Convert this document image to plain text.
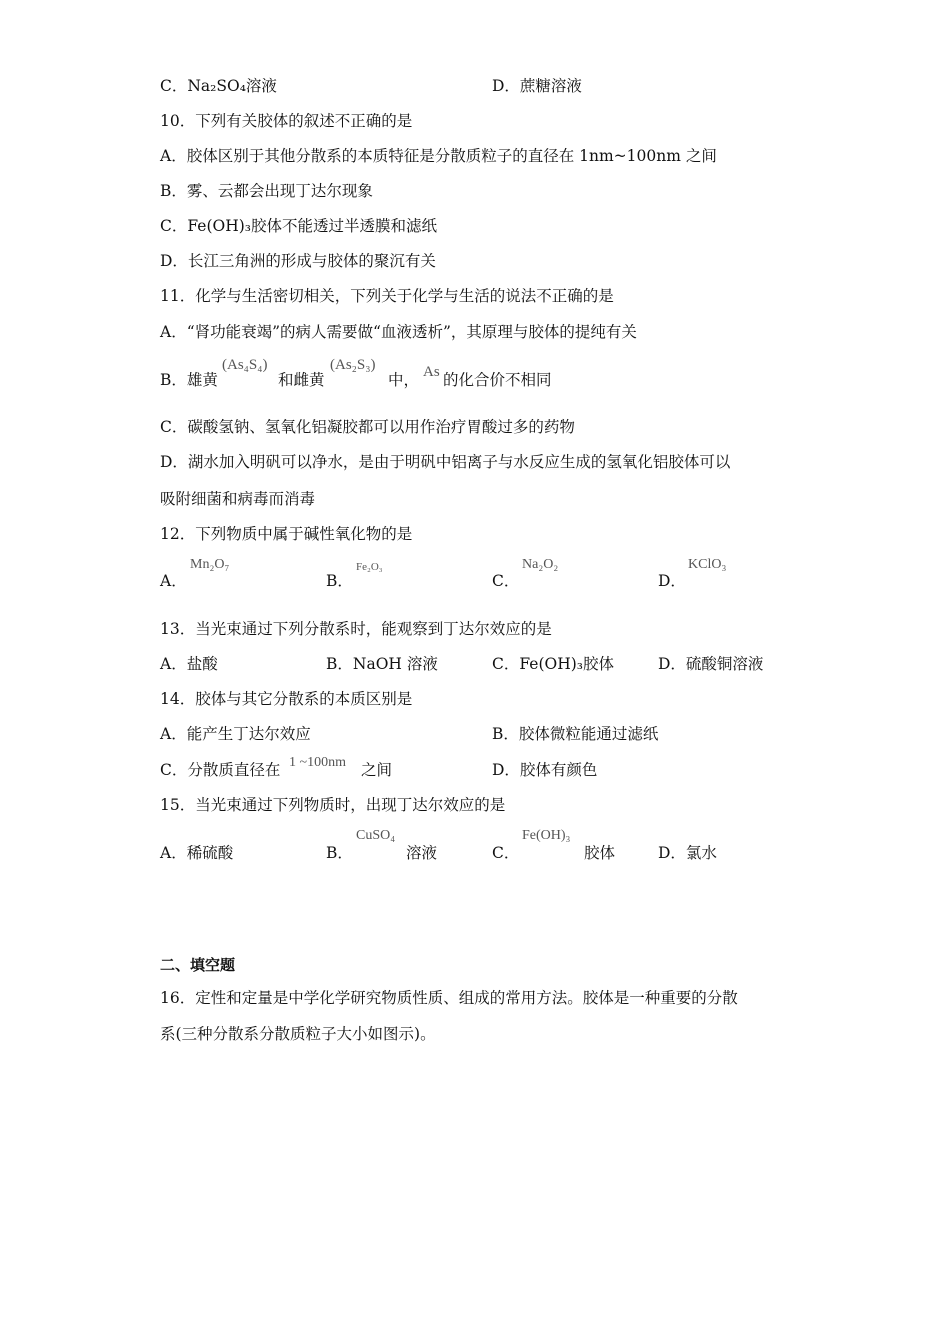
C．Na₂SO₄溶液	D．蔗糖溶液
10．下列有关胶体的叙述不正确的是
A．胶体区别于其他分散系的本质特征是分散质粒子的直径在 1nm~100nm 之间
B．雾、云都会出现丁达尔现象
C．Fe(OH)₃胶体不能透过半透膜和滤纸
D．长江三角洲的形成与胶体的聚沉有关
11．化学与生活密切相关，下列关于化学与生活的说法不正确的是
A．“肾功能衰竭”的病人需要做“血液透析”，其原理与胶体的提纯有关
B．雄黄
(As₄S₄)
和雌黄
(As₂S₃)
中， As 的化合价不相同
C．碳酸氢钠、氢氧化铝凝胶都可以用作治疗胃酸过多的药物
D．湖水加入明矾可以净水，是由于明矾中铝离子与水反应生成的氢氧化铝胶体可以
吸附细菌和病毒而消毒
12．下列物质中属于碱性氧化物的是
A．
Mn₂O₇
B．
Fe₂O₃
C．
Na₂O₂
D．
KClO₃
13．当光束通过下列分散系时，能观察到丁达尔效应的是
A．盐酸	B．NaOH 溶液	C．Fe(OH)₃胶体	D．硫酸铜溶液
14．胶体与其它分散系的本质区别是
A．能产生丁达尔效应	B．胶体微粒能通过滤纸
C．分散质直径在 1 ~100nm 之间	D．胶体有颜色
15．当光束通过下列物质时，出现丁达尔效应的是
A．稀硫酸	B．
CuSO₄
溶液	C．
Fe(OH)₃
胶体	D．氯水
二、填空题
16．定性和定量是中学化学研究物质性质、组成的常用方法。胶体是一种重要的分散
系(三种分散系分散质粒子大小如图示)。
